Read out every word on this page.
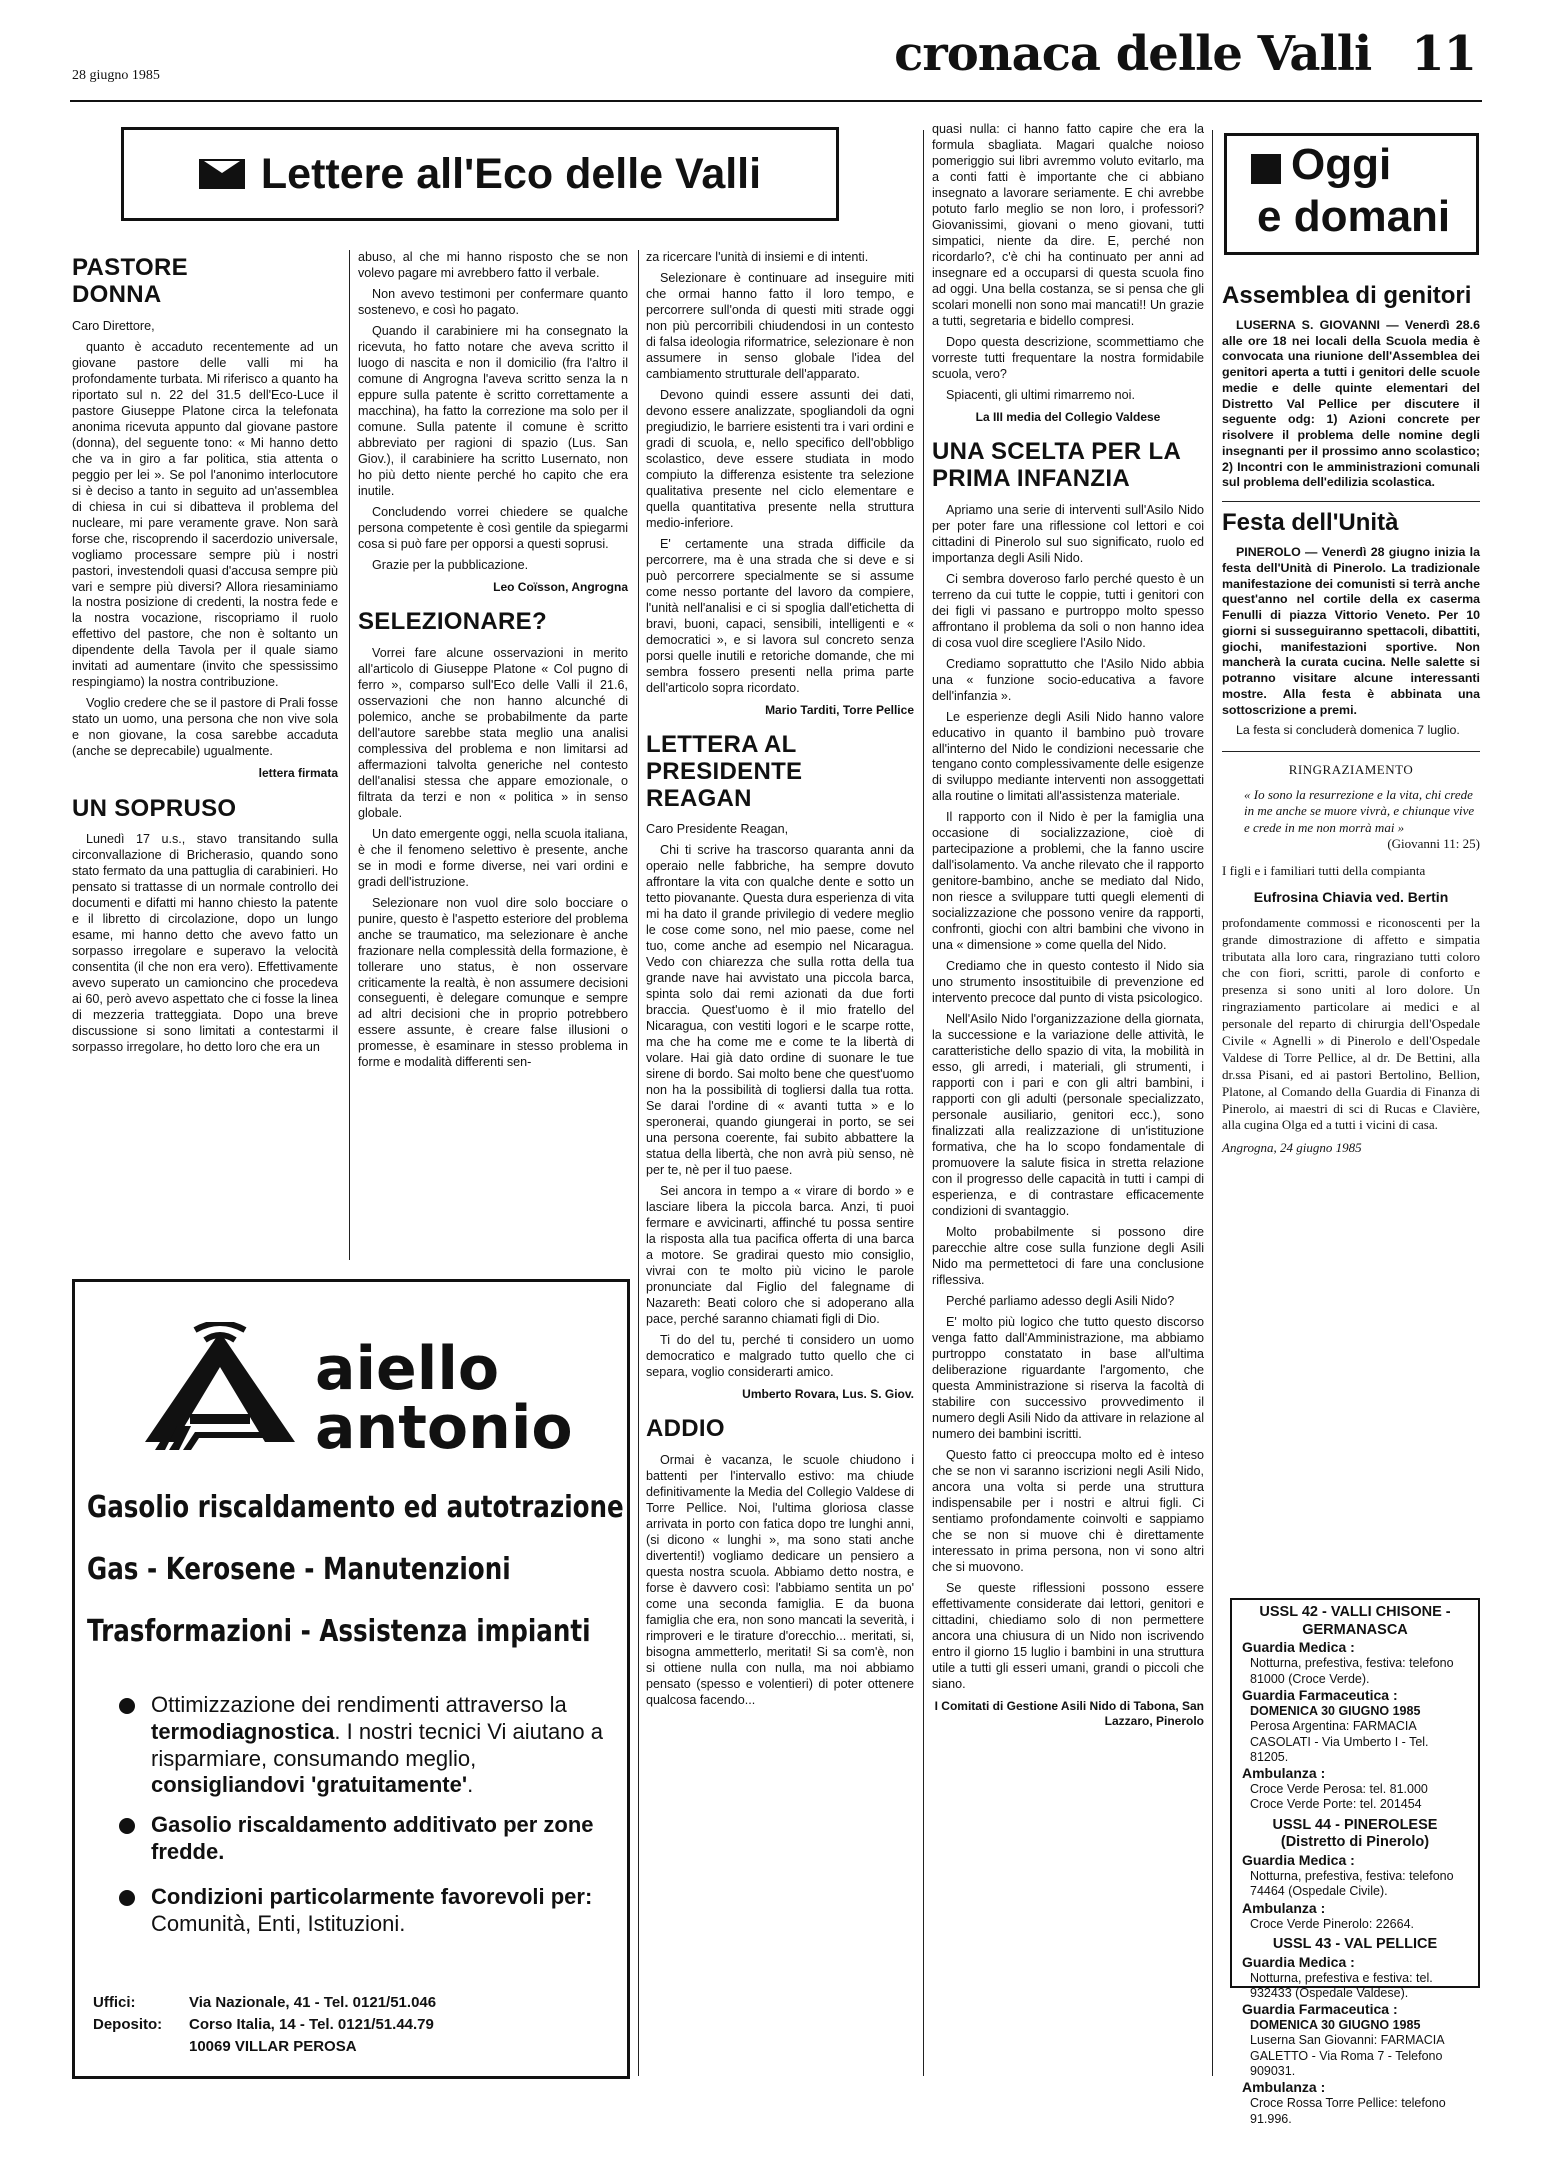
28 giugno 1985	cronaca delle Valli 11
Lettere all'Eco delle Valli	Oggi
e domani
PASTORE DONNA

Caro Direttore,

quanto è accaduto recentemente ad un giovane pastore delle valli mi ha profondamente turbata. Mi riferisco a quanto ha riportato sul n. 22 del 31.5 dell'Eco-Luce il pastore Giuseppe Platone circa la telefonata anonima ricevuta appunto dal giovane pastore (donna), del seguente tono: « Mi hanno detto che va in giro a far politica, stia attenta o peggio per lei ». Se pol l'anonimo interlocutore si è deciso a tanto in seguito ad un'assemblea di chiesa in cui si dibatteva il problema del nucleare, mi pare veramente grave. Non sarà forse che, riscoprendo il sacerdozio universale, vogliamo processare sempre più i nostri pastori, investendoli quasi d'accusa sempre più vari e sempre più diversi? Allora riesaminiamo la nostra posizione di credenti, la nostra fede e la nostra vocazione, riscopriamo il ruolo effettivo del pastore, che non è soltanto un dipendente della Tavola per il quale siamo invitati ad aumentare (invito che spessissimo respingiamo) la nostra contribuzione.

Voglio credere che se il pastore di Prali fosse stato un uomo, una persona che non vive sola e non giovane, la cosa sarebbe accaduta (anche se deprecabile) ugualmente.

lettera firmata

UN SOPRUSO

Lunedì 17 u.s., stavo transitando sulla circonvallazione di Bricherasio, quando sono stato fermato da una pattuglia di carabinieri. Ho pensato si trattasse di un normale controllo dei documenti e difatti mi hanno chiesto la patente e il libretto di circolazione, dopo un lungo esame, mi hanno detto che avevo fatto un sorpasso irregolare e superavo la velocità consentita (il che non era vero). Effettivamente avevo superato un camioncino che procedeva ai 60, però avevo aspettato che ci fosse la linea di mezzeria tratteggiata. Dopo una breve discussione si sono limitati a contestarmi il sorpasso irregolare, ho detto loro che era un

abuso, al che mi hanno risposto che se non volevo pagare mi avrebbero fatto il verbale.

Non avevo testimoni per confermare quanto sostenevo, e così ho pagato.

Quando il carabiniere mi ha consegnato la ricevuta, ho fatto notare che aveva scritto il luogo di nascita e non il domicilio (fra l'altro il comune di Angrogna l'aveva scritto senza la n eppure sulla patente è scritto correttamente a macchina), ha fatto la correzione ma solo per il comune. Sulla patente il comune è scritto abbreviato per ragioni di spazio (Lus. San Giov.), il carabiniere ha scritto Lusernato, non ho più detto niente perché ho capito che era inutile.

Concludendo vorrei chiedere se qualche persona competente è così gentile da spiegarmi cosa si può fare per opporsi a questi soprusi.

Grazie per la pubblicazione.

Leo Coïsson, Angrogna

SELEZIONARE?

Vorrei fare alcune osservazioni in merito all'articolo di Giuseppe Platone « Col pugno di ferro », comparso sull'Eco delle Valli il 21.6, osservazioni che non hanno alcunché di polemico, anche se probabilmente da parte dell'autore sarebbe stata meglio una analisi complessiva del problema e non limitarsi ad affermazioni talvolta generiche nel contesto dell'analisi stessa che appare emozionale, o filtrata da terzi e non « politica » in senso globale.

Un dato emergente oggi, nella scuola italiana, è che il fenomeno selettivo è presente, anche se in modi e forme diverse, nei vari ordini e gradi dell'istruzione.

Selezionare non vuol dire solo bocciare o punire, questo è l'aspetto esteriore del problema anche se traumatico, ma selezionare è anche frazionare nella complessità della formazione, è tollerare uno status, è non osservare criticamente la realtà, è non assumere decisioni conseguenti, è delegare comunque e sempre ad altri decisioni che in proprio potrebbero essere assunte, è creare false illusioni o promesse, è esaminare in stesso problema in forme e modalità differenti sen-

za ricercare l'unità di insiemi e di intenti.

Selezionare è continuare ad inseguire miti che ormai hanno fatto il loro tempo, e percorrere sull'onda di questi miti strade oggi non più percorribili chiudendosi in un contesto di falsa ideologia riformatrice, selezionare è non assumere in senso globale l'idea del cambiamento strutturale dell'apparato.

Devono quindi essere assunti dei dati, devono essere analizzate, spogliandoli da ogni pregiudizio, le barriere esistenti tra i vari ordini e gradi di scuola, e, nello specifico dell'obbligo scolastico, deve essere studiata in modo compiuto la differenza esistente tra selezione qualitativa presente nel ciclo elementare e quella quantitativa presente nella struttura medio-inferiore.

E' certamente una strada difficile da percorrere, ma è una strada che si deve e si può percorrere specialmente se si assume come nesso portante del lavoro da compiere, l'unità nell'analisi e ci si spoglia dall'etichetta di bravi, buoni, capaci, sensibili, intelligenti e « democratici », e si lavora sul concreto senza porsi quelle inutili e retoriche domande, che mi sembra fossero presenti nella prima parte dell'articolo sopra ricordato.

Mario Tarditi, Torre Pellice

LETTERA AL PRESIDENTE REAGAN

Caro Presidente Reagan,

Chi ti scrive ha trascorso quaranta anni da operaio nelle fabbriche, ha sempre dovuto affrontare la vita con qualche dente e sotto un tetto piovanante. Questa dura esperienza di vita mi ha dato il grande privilegio di vedere meglio le cose come sono, nel mio paese, come nel tuo, come anche ad esempio nel Nicaragua. Vedo con chiarezza che sulla rotta della tua grande nave hai avvistato una piccola barca, spinta solo dai remi azionati da due forti braccia. Quest'uomo è il mio fratello del Nicaragua, con vestiti logori e le scarpe rotte, ma che ha come me e come te la libertà di volare. Hai già dato ordine di suonare le tue sirene di bordo. Sai molto bene che quest'uomo non ha la possibilità di togliersi dalla tua rotta. Se darai l'ordine di « avanti tutta » e lo speronerai, quando giungerai in porto, se sei una persona coerente, fai subito abbattere la statua della libertà, che non avrà più senso, nè per te, nè per il tuo paese.

Sei ancora in tempo a « virare di bordo » e lasciare libera la piccola barca. Anzi, ti puoi fermare e avvicinarti, affinché tu possa sentire la risposta alla tua pacifica offerta di una barca a motore. Se gradirai questo mio consiglio, vivrai con te molto più vicino le parole pronunciate dal Figlio del falegname di Nazareth: Beati coloro che si adoperano alla pace, perché saranno chiamati figli di Dio.

Ti do del tu, perché ti considero un uomo democratico e malgrado tutto quello che ci separa, voglio considerarti amico.

Umberto Rovara, Lus. S. Giov.

ADDIO

Ormai è vacanza, le scuole chiudono i battenti per l'intervallo estivo: ma chiude definitivamente la Media del Collegio Valdese di Torre Pellice. Noi, l'ultima gloriosa classe arrivata in porto con fatica dopo tre lunghi anni, (si dicono « lunghi », ma sono stati anche divertenti!) vogliamo dedicare un pensiero a questa nostra scuola. Abbiamo detto nostra, e forse è davvero così: l'abbiamo sentita un po' come una seconda famiglia. E da buona famiglia che era, non sono mancati la severità, i rimproveri e le tirature d'orecchio... meritati, si, bisogna ammetterlo, meritati! Si sa com'è, non si ottiene nulla con nulla, ma noi abbiamo pensato (spesso e volentieri) di poter ottenere qualcosa facendo...

quasi nulla: ci hanno fatto capire che era la formula sbagliata. Magari qualche noioso pomeriggio sui libri avremmo voluto evitarlo, ma a conti fatti è importante che ci abbiano insegnato a lavorare seriamente. E chi avrebbe potuto farlo meglio se non loro, i professori? Giovanissimi, giovani o meno giovani, tutti simpatici, niente da dire. E, perché non ricordarlo?, c'è chi ha continuato per anni ad insegnare ed a occuparsi di questa scuola fino ad oggi. Una bella costanza, se si pensa che gli scolari monelli non sono mai mancati!! Un grazie a tutti, segretaria e bidello compresi.

Dopo questa descrizione, scommettiamo che vorreste tutti frequentare la nostra formidabile scuola, vero?

Spiacenti, gli ultimi rimarremo noi.

La III media del Collegio Valdese

UNA SCELTA PER LA PRIMA INFANZIA

Apriamo una serie di interventi sull'Asilo Nido per poter fare una riflessione col lettori e coi cittadini di Pinerolo sul suo significato, ruolo ed importanza degli Asili Nido.

Ci sembra doveroso farlo perché questo è un terreno da cui tutte le coppie, tutti i genitori con dei figli vi passano e purtroppo molto spesso affrontano il problema da soli o non hanno idea di cosa vuol dire scegliere l'Asilo Nido.

Crediamo soprattutto che l'Asilo Nido abbia una « funzione socio-educativa a favore dell'infanzia ».

Le esperienze degli Asili Nido hanno valore educativo in quanto il bambino può trovare all'interno del Nido le condizioni necessarie che tengano conto complessivamente delle esigenze di sviluppo mediante interventi non assoggettati alla routine o limitati all'assistenza materiale.

Il rapporto con il Nido è per la famiglia una occasione di socializzazione, cioè di partecipazione a problemi, che la fanno uscire dall'isolamento. Va anche rilevato che il rapporto genitore-bambino, anche se mediato dal Nido, non riesce a sviluppare tutti quegli elementi di socializzazione che possono venire da rapporti, confronti, giochi con altri bambini che vivono in una « dimensione » come quella del Nido.

Crediamo che in questo contesto il Nido sia uno strumento insostituibile di prevenzione ed intervento precoce dal punto di vista psicologico.

Nell'Asilo Nido l'organizzazione della giornata, la successione e la variazione delle attività, le caratteristiche dello spazio di vita, la mobilità in esso, gli arredi, i materiali, gli strumenti, i rapporti con i pari e con gli altri bambini, i rapporti con gli adulti (personale specializzato, personale ausiliario, genitori ecc.), sono finalizzati alla realizzazione di un'istituzione formativa, che ha lo scopo fondamentale di promuovere la salute fisica in stretta relazione con il progresso delle capacità in tutti i campi di esperienza, e di contrastare efficacemente condizioni di svantaggio.

Molto probabilmente si possono dire parecchie altre cose sulla funzione degli Asili Nido ma permettetoci di fare una conclusione riflessiva.

Perché parliamo adesso degli Asili Nido?

E' molto più logico che tutto questo discorso venga fatto dall'Amministrazione, ma abbiamo purtroppo constatato in base all'ultima deliberazione riguardante l'argomento, che questa Amministrazione si riserva la facoltà di stabilire con successivo provvedimento il numero degli Asili Nido da attivare in relazione al numero dei bambini iscritti.

Questo fatto ci preoccupa molto ed è inteso che se non vi saranno iscrizioni negli Asili Nido, ancora una volta si perde una struttura indispensabile per i nostri e altrui figli. Ci sentiamo profondamente coinvolti e sappiamo che se non si muove chi è direttamente interessato in prima persona, non vi sono altri che si muovono.

Se queste riflessioni possono essere effettivamente considerate dai lettori, genitori e cittadini, chiediamo solo di non permettere ancora una chiusura di un Nido non iscrivendo entro il giorno 15 luglio i bambini in una struttura utile a tutti gli esseri umani, grandi o piccoli che siano.

I Comitati di Gestione Asili Nido di Tabona, San Lazzaro, Pinerolo

Assemblea di genitori

LUSERNA S. GIOVANNI — Venerdì 28.6 alle ore 18 nei locali della Scuola media è convocata una riunione dell'Assemblea dei genitori aperta a tutti i genitori delle scuole medie e delle quinte elementari del Distretto Val Pellice per discutere il seguente odg: 1) Azioni concrete per risolvere il problema delle nomine degli insegnanti per il prossimo anno scolastico; 2) Incontri con le amministrazioni comunali sul problema dell'edilizia scolastica.

Festa dell'Unità

PINEROLO — Venerdì 28 giugno inizia la festa dell'Unità di Pinerolo. La tradizionale manifestazione dei comunisti si terrà anche quest'anno nel cortile della ex caserma Fenulli di piazza Vittorio Veneto. Per 10 giorni si susseguiranno spettacoli, dibattiti, giochi, manifestazioni sportive. Non mancherà la curata cucina. Nelle salette si potranno visitare alcune interessanti mostre. Alla festa è abbinata una sottoscrizione a premi.

La festa si concluderà domenica 7 luglio.

RINGRAZIAMENTO
« Io sono la resurrezione e la vita, chi crede in me anche se muore vivrà, e chiunque vive e crede in me non morrà mai »
(Giovanni 11: 25)
I figli e i familiari tutti della compianta
Eufrosina Chiavia ved. Bertin
profondamente commossi e riconoscenti per la grande dimostrazione di affetto e simpatia tributata alla loro cara, ringraziano tutti coloro che con fiori, scritti, parole di conforto e presenza si sono uniti al loro dolore. Un ringraziamento particolare ai medici e al personale del reparto di chirurgia dell'Ospedale Civile « Agnelli » di Pinerolo e dell'Ospedale Valdese di Torre Pellice, al dr. De Bettini, alla dr.ssa Pisani, ed ai pastori Bertolino, Bellion, Platone, al Comando della Guardia di Finanza di Pinerolo, ai maestri di sci di Rucas e Clavière, alla cugina Olga ed a tutti i vicini di casa.
Angrogna, 24 giugno 1985
USSL 42 - VALLI CHISONE - GERMANASCA
Guardia Medica :
Notturna, prefestiva, festiva: telefono 81000 (Croce Verde).
Guardia Farmaceutica :
DOMENICA 30 GIUGNO 1985
Perosa Argentina: FARMACIA CASOLATI - Via Umberto I - Tel. 81205.
Ambulanza :
Croce Verde Perosa: tel. 81.000
Croce Verde Porte: tel. 201454
USSL 44 - PINEROLESE (Distretto di Pinerolo)
Guardia Medica :
Notturna, prefestiva, festiva: telefono 74464 (Ospedale Civile).
Ambulanza :
Croce Verde Pinerolo: 22664.
USSL 43 - VAL PELLICE
Guardia Medica :
Notturna, prefestiva e festiva: tel. 932433 (Ospedale Valdese).
Guardia Farmaceutica :
DOMENICA 30 GIUGNO 1985
Luserna San Giovanni: FARMACIA GALETTO - Via Roma 7 - Telefono 909031.
Ambulanza :
Croce Rossa Torre Pellice: telefono 91.996.
aiello
antonio
Gasolio riscaldamento ed autotrazione
Gas - Kerosene - Manutenzioni
Trasformazioni - Assistenza impianti
Ottimizzazione dei rendimenti attraverso la termodiagnostica. I nostri tecnici Vi aiutano a risparmiare, consumando meglio, consigliandovi 'gratuitamente'.
Gasolio riscaldamento additivato per zone fredde.
Condizioni particolarmente favorevoli per: Comunità, Enti, Istituzioni.
Uffici:	Via Nazionale, 41 - Tel. 0121/51.046
Deposito: Corso Italia, 14 - Tel. 0121/51.44.79
10069 VILLAR PEROSA
